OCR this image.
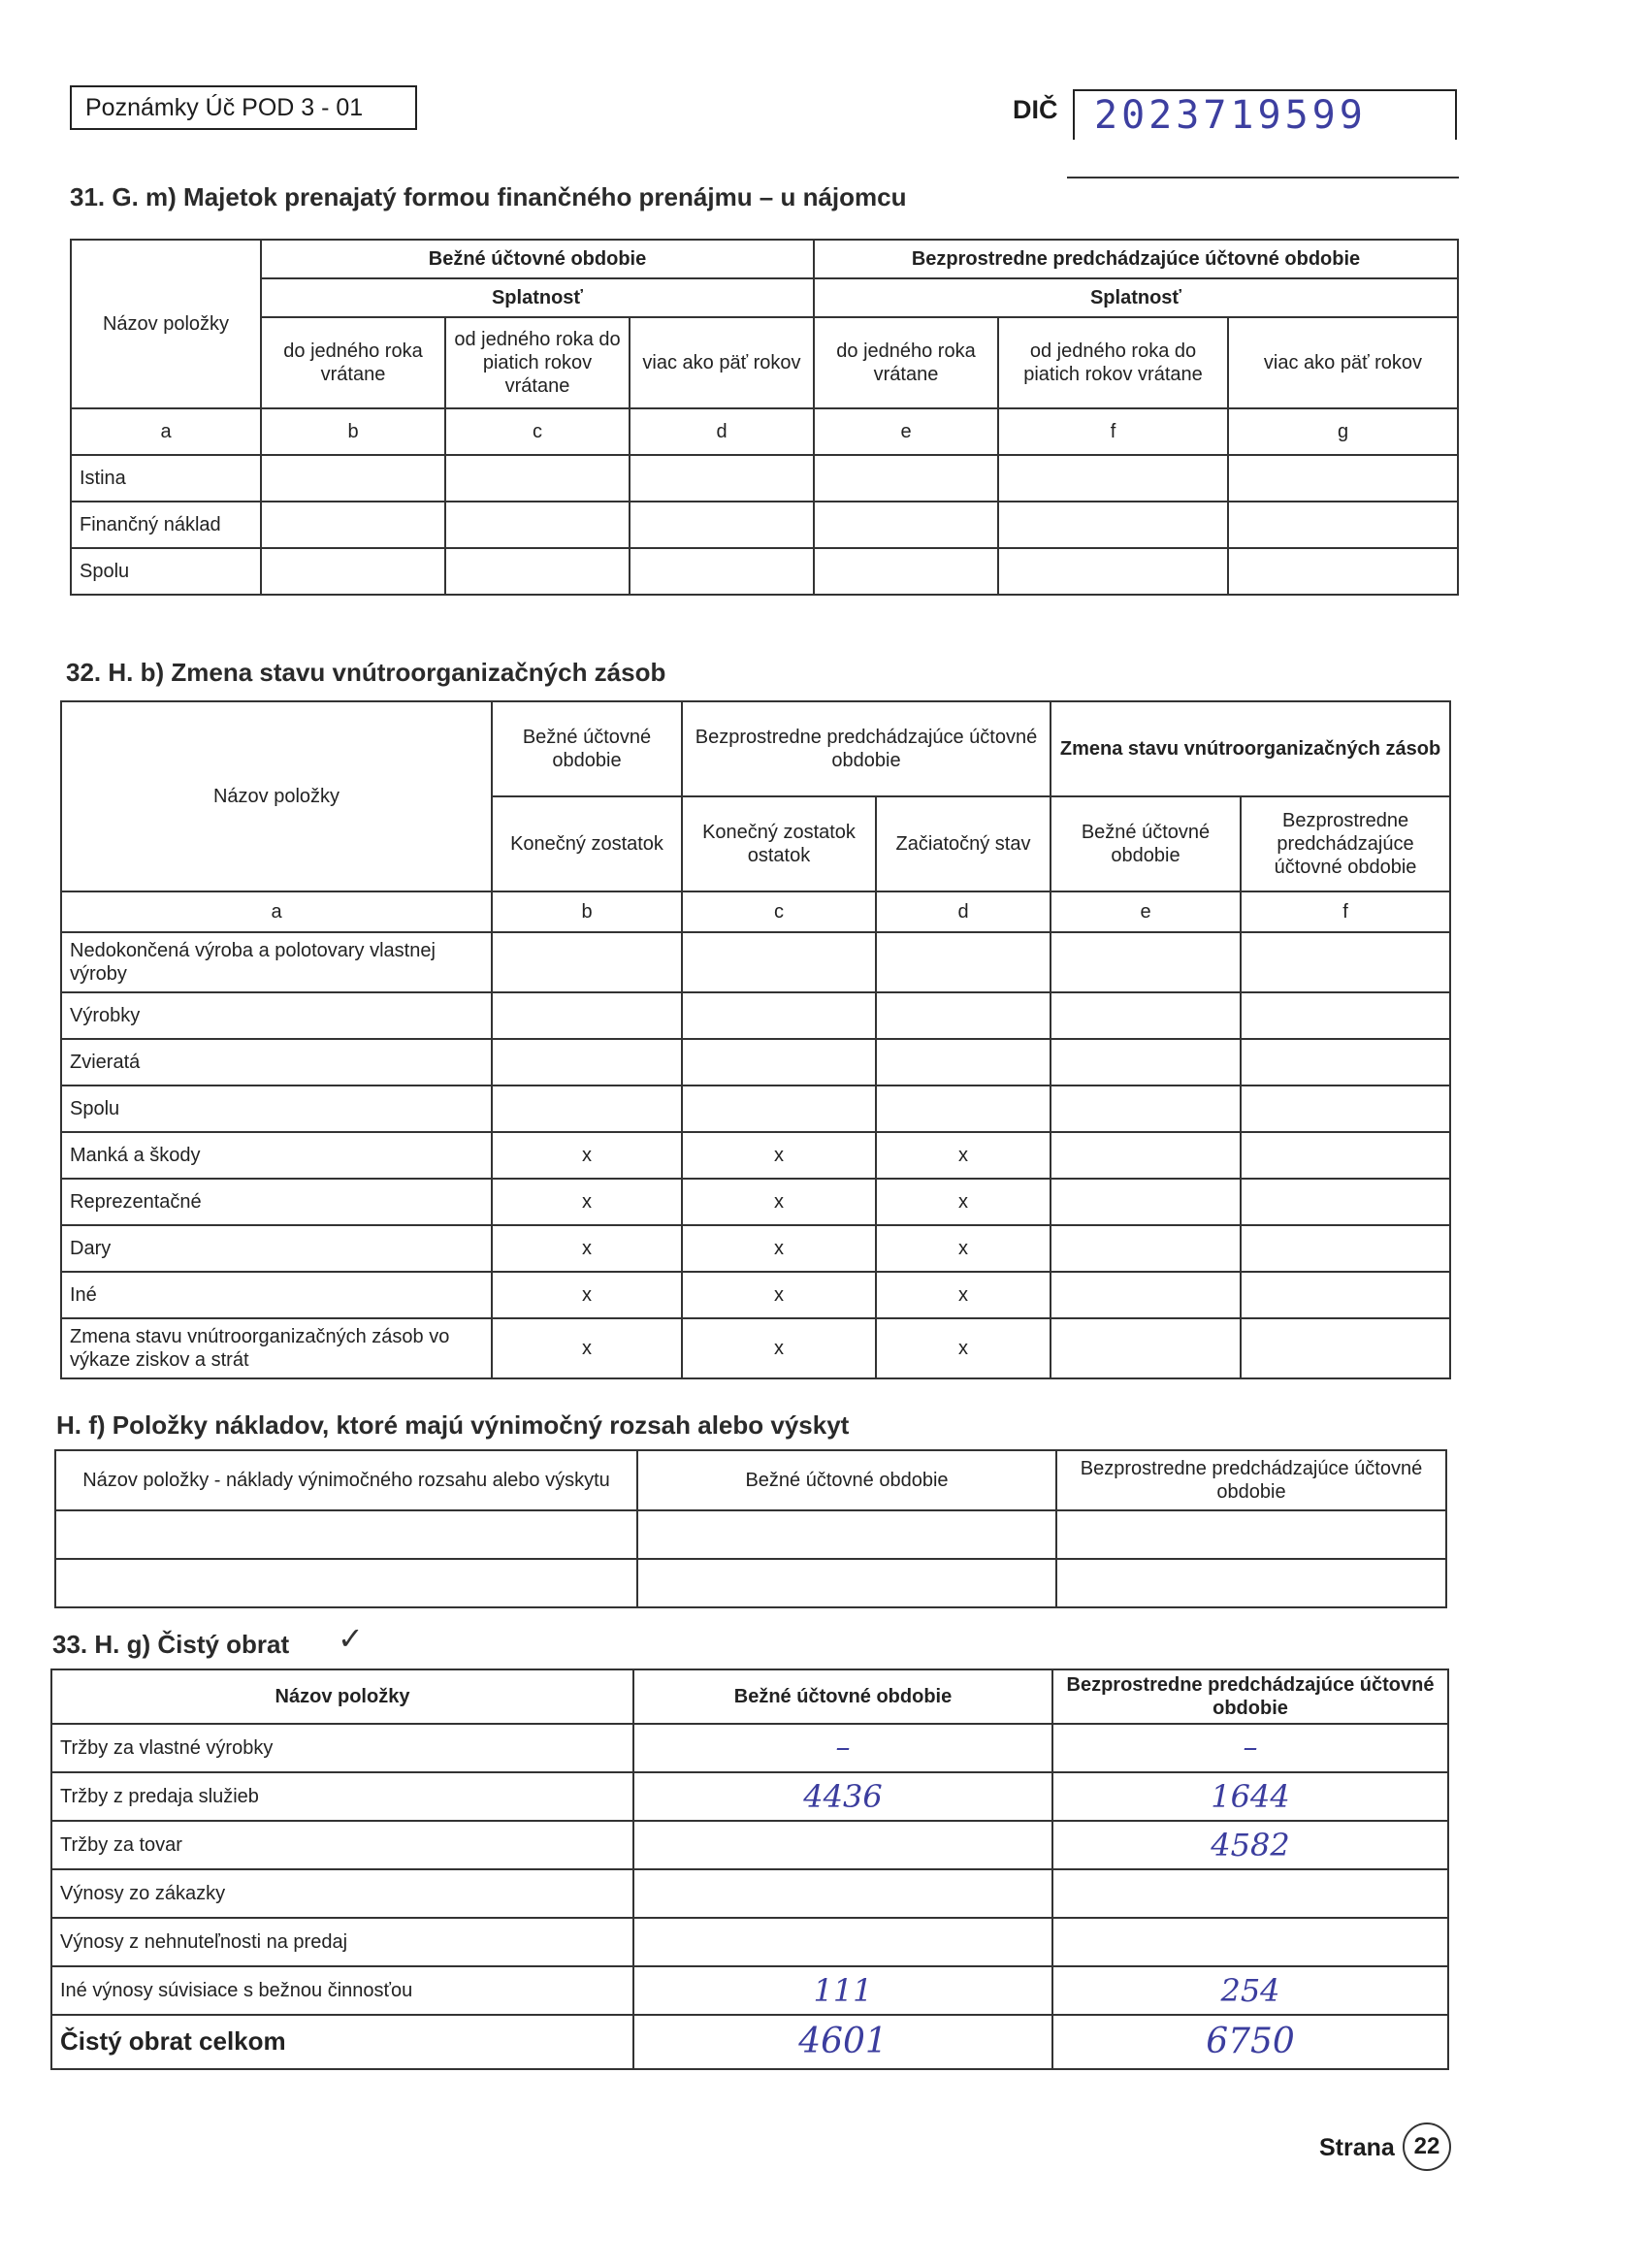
Poznámky Úč POD 3 - 01	DIČ 2023719599
31. G. m) Majetok prenajatý formou finančného prenájmu – u nájomcu
Názov položky	Bežné účtovné obdobie			Bezprostredne predchádzajúce účtovné obdobie		
	Splatnosť			Splatnosť		
	do jedného roka vrátane	od jedného roka do piatich rokov vrátane	viac ako päť rokov	do jedného roka vrátane	od jedného roka do piatich rokov vrátane	viac ako päť rokov
a	b	c	d	e	f	g
Istina						
Finančný náklad						
Spolu						
32. H. b) Zmena stavu vnútroorganizačných zásob
Názov položky	Bežné účtovné obdobie	Bezprostredne predchádzajúce účtovné obdobie		Zmena stavu vnútroorganizačných zásob	
	Konečný zostatok	Konečný zostatok ostatok	Začiatočný stav	Bežné účtovné obdobie	Bezprostredne predchádzajúce účtovné obdobie
a	b	c	d	e	f
Nedokončená výroba a polotovary vlastnej výroby					
Výrobky					
Zvieratá					
Spolu					
Manká a škody	x	x	x		
Reprezentačné	x	x	x		
Dary	x	x	x		
Iné	x	x	x		
Zmena stavu vnútroorganizačných zásob vo výkaze ziskov a strát	x	x	x		
H. f) Položky nákladov, ktoré majú výnimočný rozsah alebo výskyt
Názov položky - náklady výnimočného rozsahu alebo výskytu	Bežné účtovné obdobie	Bezprostredne predchádzajúce účtovné obdobie

33. H. g) Čistý obrat ✓
Názov položky	Bežné účtovné obdobie	Bezprostredne predchádzajúce účtovné obdobie
Tržby za vlastné výrobky	–	–
Tržby z predaja služieb	4436	1644
Tržby za tovar		4582
Výnosy zo zákazky		
Výnosy z nehnuteľnosti na predaj		
Iné výnosy súvisiace s bežnou činnosťou	111	254
Čistý obrat celkom	4601	6750
Strana 22
